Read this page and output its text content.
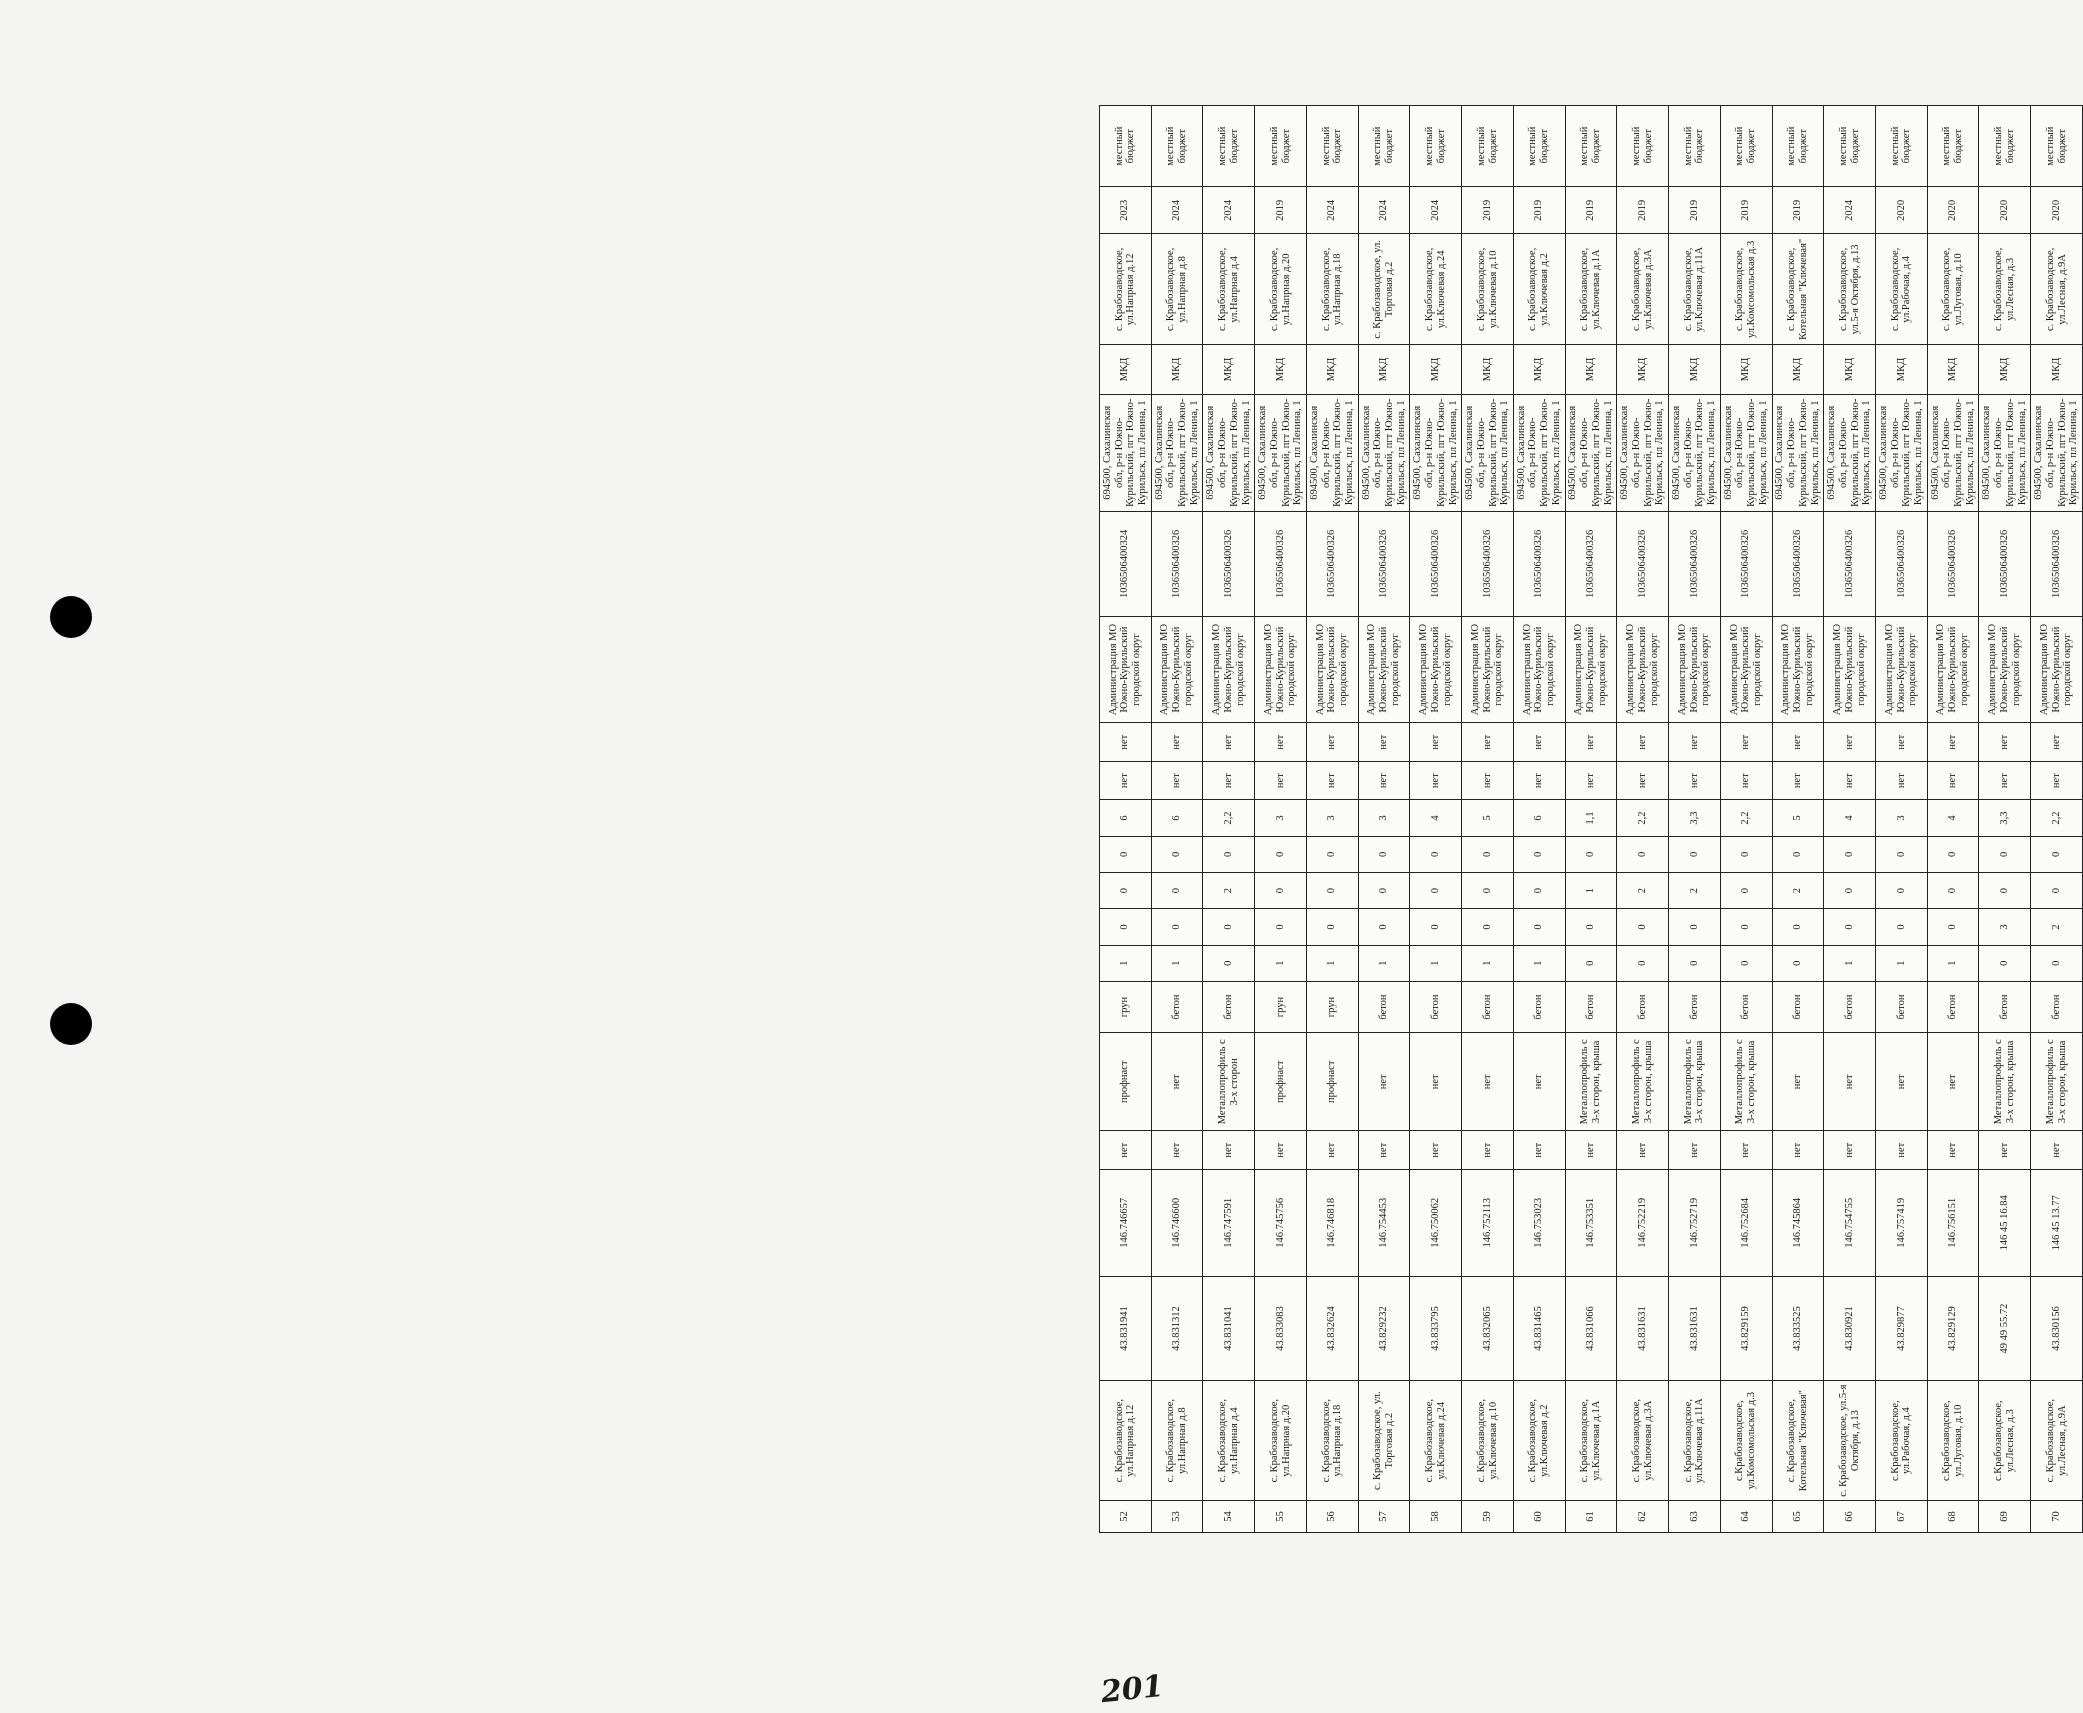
52	с. Крабозаводское, ул.Напрная д.12	43.831941	146.746657	нет	профнаст	грун	1	0	0	0	6	нет	нет	Администрация МО Южно-Курильский городской округ	1036506400324	694500, Сахалинская обл, р-н Южно-Курильский, пгт Южно-Курильск, пл Ленина, 1	МКД	с. Крабозаводское, ул.Напрная д.12	2023	местный бюджет
53	с. Крабозаводское, ул.Напрная д.8	43.831312	146.746600	нет	нет	бетон	1	0	0	0	6	нет	нет	Администрация МО Южно-Курильский городской округ	1036506400326	694500, Сахалинская обл, р-н Южно-Курильский, пгт Южно-Курильск, пл Ленина, 1	МКД	с. Крабозаводское, ул.Напрная д.8	2024	местный бюджет
54	с. Крабозаводское, ул.Напрная д.4	43.831041	146.747591	нет	Металлопрофиль с 3-х сторон	бетон	0	0	2	0	2,2	нет	нет	Администрация МО Южно-Курильский городской округ	1036506400326	694500, Сахалинская обл, р-н Южно-Курильский, пгт Южно-Курильск, пл Ленина, 1	МКД	с. Крабозаводское, ул.Напрная д.4	2024	местный бюджет
55	с. Крабозаводское, ул.Напрная д.20	43.833083	146.745756	нет	профнаст	грун	1	0	0	0	3	нет	нет	Администрация МО Южно-Курильский городской округ	1036506400326	694500, Сахалинская обл, р-н Южно-Курильский, пгт Южно-Курильск, пл Ленина, 1	МКД	с. Крабозаводское, ул.Напрная д.20	2019	местный бюджет
56	с. Крабозаводское, ул.Напрная д.18	43.832624	146.746818	нет	профнаст	грун	1	0	0	0	3	нет	нет	Администрация МО Южно-Курильский городской округ	1036506400326	694500, Сахалинская обл, р-н Южно-Курильский, пгт Южно-Курильск, пл Ленина, 1	МКД	с. Крабозаводское, ул.Напрная д.18	2024	местный бюджет
57	с. Крабозаводское, ул. Торговая д.2	43.829232	146.754453	нет	нет	бетон	1	0	0	0	3	нет	нет	Администрация МО Южно-Курильский городской округ	1036506400326	694500, Сахалинская обл, р-н Южно-Курильский, пгт Южно-Курильск, пл Ленина, 1	МКД	с. Крабозаводское, ул. Торговая д.2	2024	местный бюджет
58	с. Крабозаводское, ул.Ключевая д.24	43.833795	146.750062	нет	нет	бетон	1	0	0	0	4	нет	нет	Администрация МО Южно-Курильский городской округ	1036506400326	694500, Сахалинская обл, р-н Южно-Курильский, пгт Южно-Курильск, пл Ленина, 1	МКД	с. Крабозаводское, ул.Ключевая д.24	2024	местный бюджет
59	с. Крабозаводское, ул.Ключевая д.10	43.832065	146.752113	нет	нет	бетон	1	0	0	0	5	нет	нет	Администрация МО Южно-Курильский городской округ	1036506400326	694500, Сахалинская обл, р-н Южно-Курильский, пгт Южно-Курильск, пл Ленина, 1	МКД	с. Крабозаводское, ул.Ключевая д.10	2019	местный бюджет
60	с. Крабозаводское, ул.Ключевая д.2	43.831465	146.753023	нет	нет	бетон	1	0	0	0	6	нет	нет	Администрация МО Южно-Курильский городской округ	1036506400326	694500, Сахалинская обл, р-н Южно-Курильский, пгт Южно-Курильск, пл Ленина, 1	МКД	с. Крабозаводское, ул.Ключевая д.2	2019	местный бюджет
61	с. Крабозаводское, ул.Ключевая д.1А	43.831066	146.753351	нет	Металлопрофиль с 3-х сторон, крыша	бетон	0	0	1	0	1,1	нет	нет	Администрация МО Южно-Курильский городской округ	1036506400326	694500, Сахалинская обл, р-н Южно-Курильский, пгт Южно-Курильск, пл Ленина, 1	МКД	с. Крабозаводское, ул.Ключевая д.1А	2019	местный бюджет
62	с. Крабозаводское, ул.Ключевая д.3А	43.831631	146.752219	нет	Металлопрофиль с 3-х сторон, крыша	бетон	0	0	2	0	2,2	нет	нет	Администрация МО Южно-Курильский городской округ	1036506400326	694500, Сахалинская обл, р-н Южно-Курильский, пгт Южно-Курильск, пл Ленина, 1	МКД	с. Крабозаводское, ул.Ключевая д.3А	2019	местный бюджет
63	с. Крабозаводское, ул.Ключевая д.11А	43.831631	146.752719	нет	Металлопрофиль с 3-х сторон, крыша	бетон	0	0	2	0	3,3	нет	нет	Администрация МО Южно-Курильский городской округ	1036506400326	694500, Сахалинская обл, р-н Южно-Курильский, пгт Южно-Курильск, пл Ленина, 1	МКД	с. Крабозаводское, ул.Ключевая д.11А	2019	местный бюджет
64	с.Крабозаводское, ул.Комсомольская д.3	43.829159	146.752684	нет	Металлопрофиль с 3-х сторон, крыша	бетон	0	0	0	0	2,2	нет	нет	Администрация МО Южно-Курильский городской округ	1036506400326	694500, Сахалинская обл, р-н Южно-Курильский, пгт Южно-Курильск, пл Ленина, 1	МКД	с. Крабозаводское, ул.Комсомольская д.3	2019	местный бюджет
65	с. Крабозаводское, Котельная "Ключевая"	43.833525	146.745864	нет	нет	бетон	0	0	2	0	5	нет	нет	Администрация МО Южно-Курильский городской округ	1036506400326	694500, Сахалинская обл, р-н Южно-Курильский, пгт Южно-Курильск, пл Ленина, 1	МКД	с. Крабозаводское, Котельная "Ключевая"	2019	местный бюджет
66	с. Крабозаводское, ул.5-я Октября, д.13	43.830921	146.754755	нет	нет	бетон	1	0	0	0	4	нет	нет	Администрация МО Южно-Курильский городской округ	1036506400326	694500, Сахалинская обл, р-н Южно-Курильский, пгт Южно-Курильск, пл Ленина, 1	МКД	с. Крабозаводское, ул.5-я Октября, д.13	2024	местный бюджет
67	с.Крабозаводское, ул.Рабочая, д.4	43.829877	146.757419	нет	нет	бетон	1	0	0	0	3	нет	нет	Администрация МО Южно-Курильский городской округ	1036506400326	694500, Сахалинская обл, р-н Южно-Курильский, пгт Южно-Курильск, пл Ленина, 1	МКД	с. Крабозаводское, ул.Рабочая, д.4	2020	местный бюджет
68	с.Крабозаводское, ул.Луговая, д.10	43.829129	146.756151	нет	нет	бетон	1	0	0	0	4	нет	нет	Администрация МО Южно-Курильский городской округ	1036506400326	694500, Сахалинская обл, р-н Южно-Курильский, пгт Южно-Курильск, пл Ленина, 1	МКД	с. Крабозаводское, ул.Луговая, д.10	2020	местный бюджет
69	с.Крабозаводское, ул.Лесная, д.3	49 49 55.72	146 45 16.84	нет	Металлопрофиль с 3-х сторон, крыша	бетон	0	3	0	0	3,3	нет	нет	Администрация МО Южно-Курильский городской округ	1036506400326	694500, Сахалинская обл, р-н Южно-Курильский, пгт Южно-Курильск, пл Ленина, 1	МКД	с. Крабозаводское, ул.Лесная, д.3	2020	местный бюджет
70	с. Крабозаводское, ул.Лесная, д.9А	43.830156	146 45 13.77	нет	Металлопрофиль с 3-х сторон, крыша	бетон	0	2	0	0	2,2	нет	нет	Администрация МО Южно-Курильский городской округ	1036506400326	694500, Сахалинская обл, р-н Южно-Курильский, пгт Южно-Курильск, пл Ленина, 1	МКД	с. Крабозаводское, ул.Лесная, д.9А	2020	местный бюджет
201
